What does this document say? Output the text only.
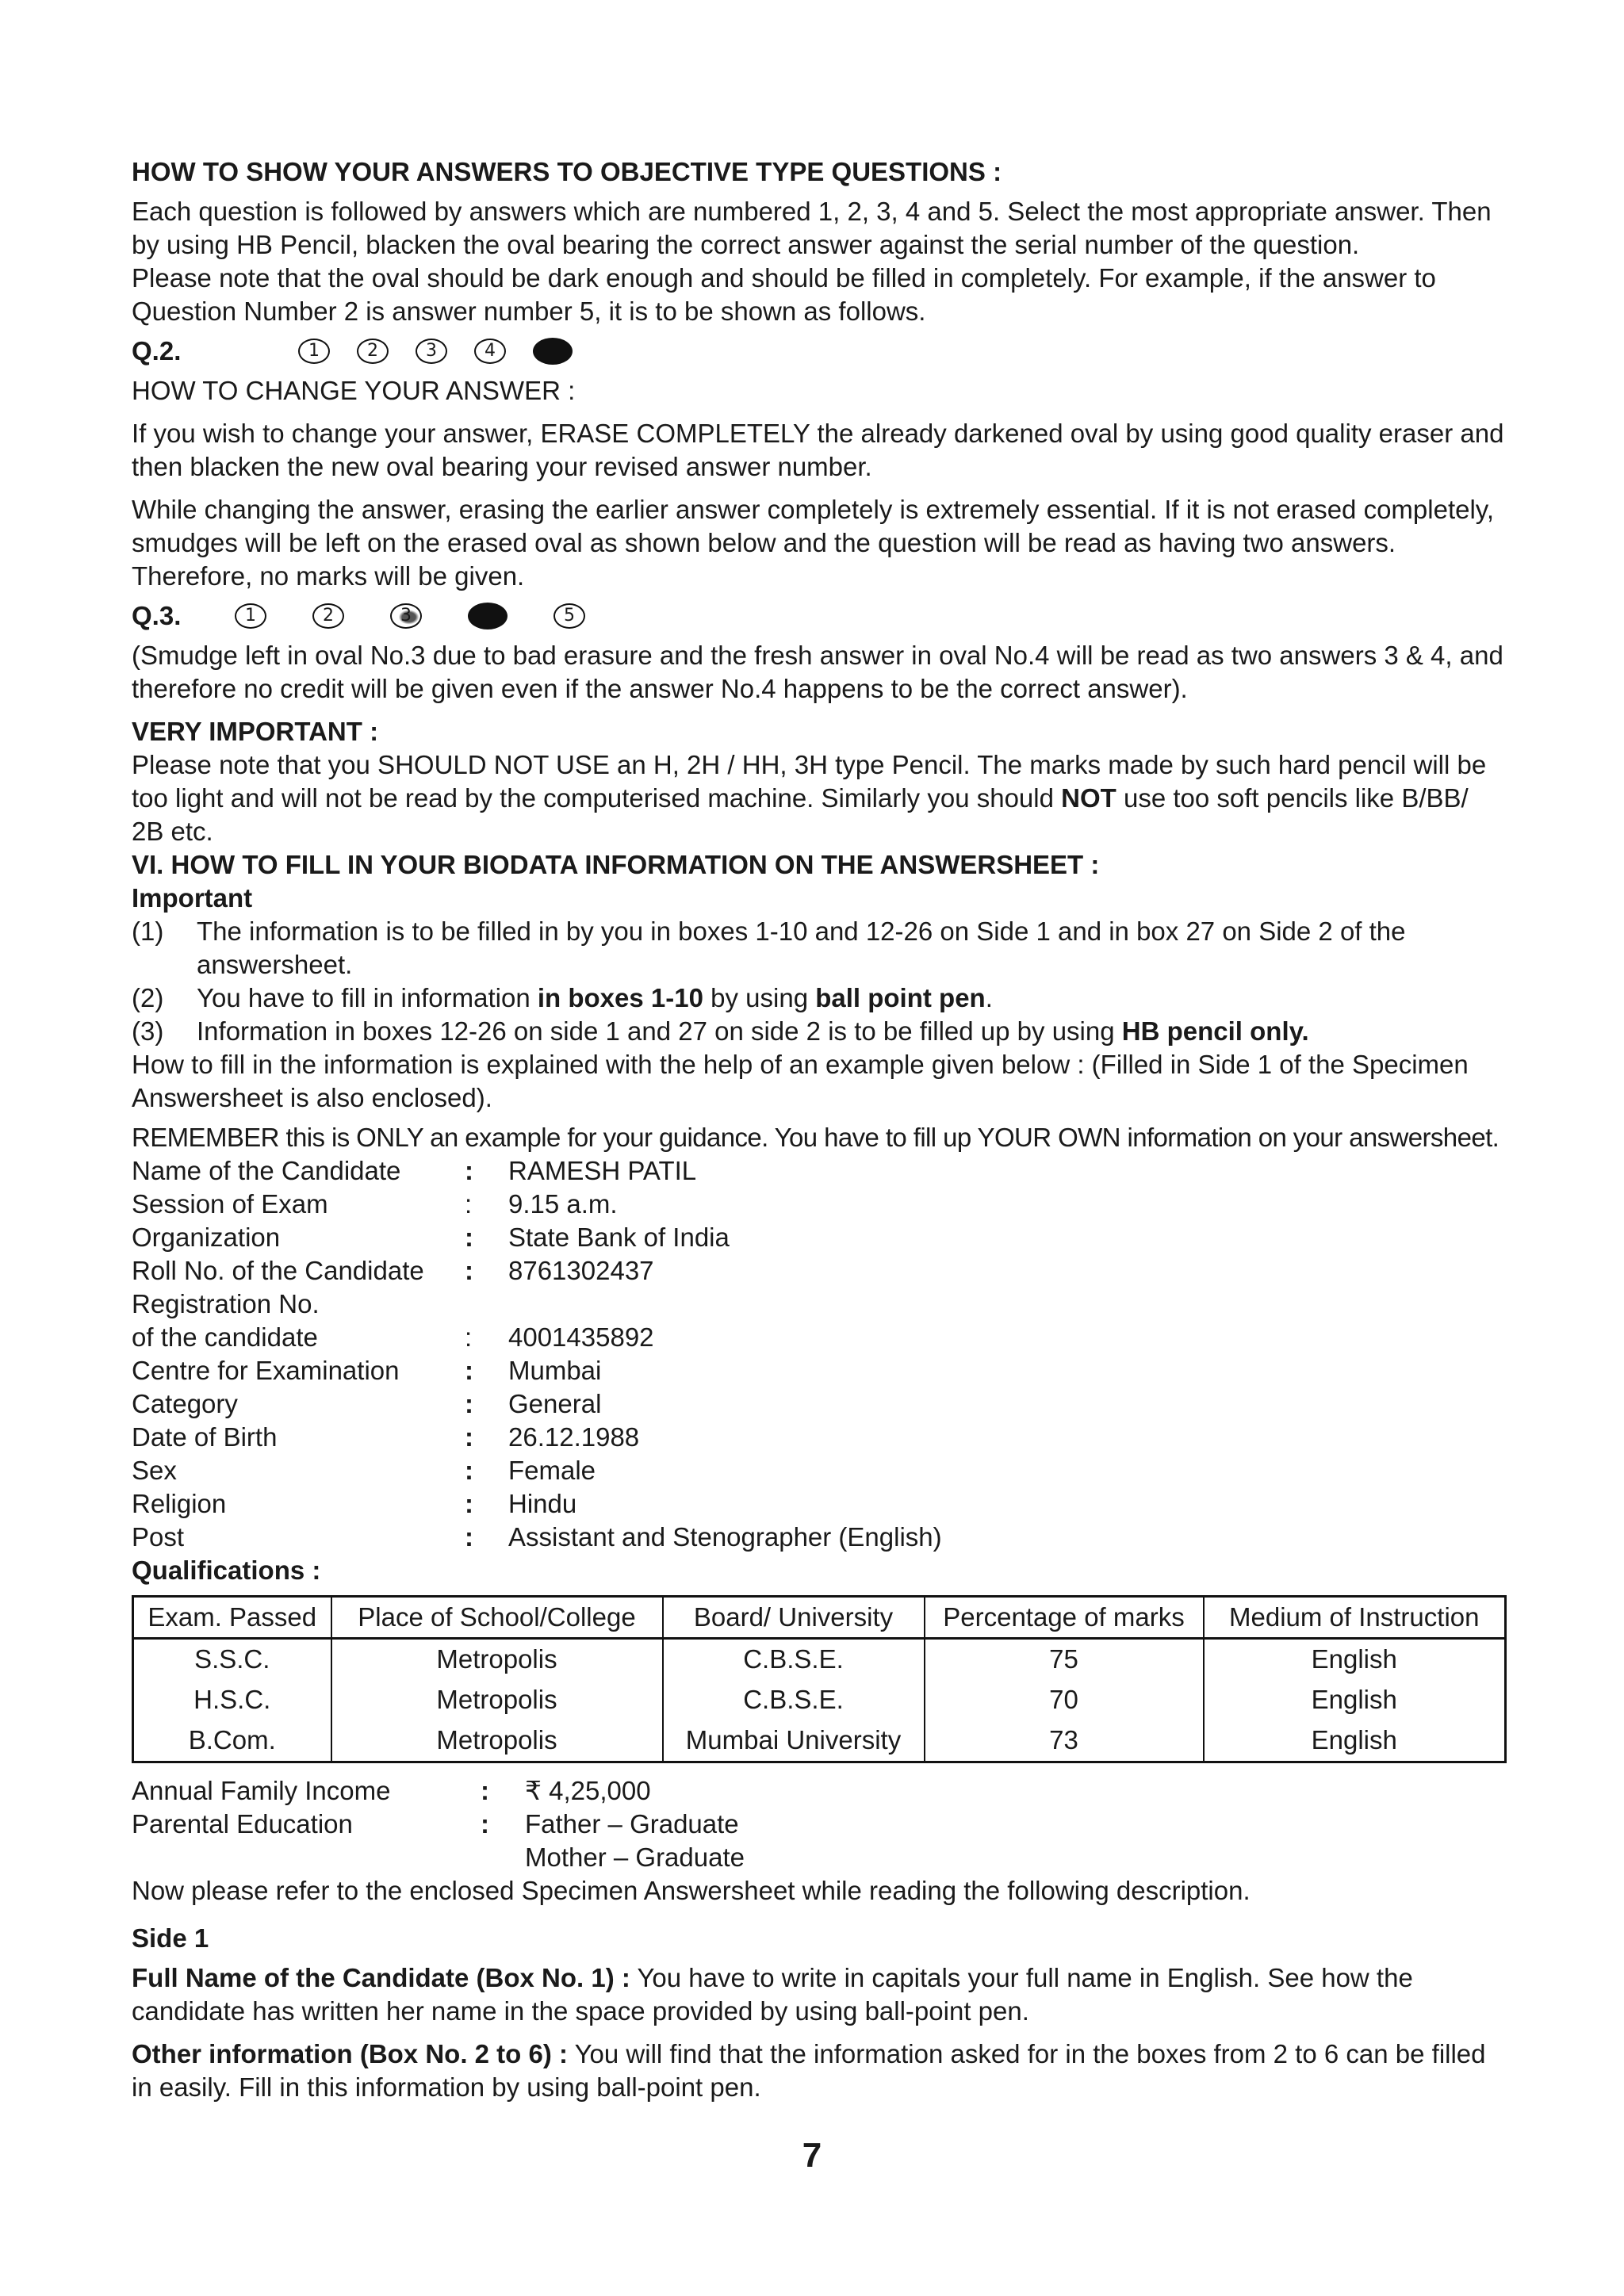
HOW TO SHOW YOUR ANSWERS TO OBJECTIVE TYPE QUESTIONS :

Each question is followed by answers which are numbered 1, 2, 3, 4 and 5. Select the most appropriate answer. Then by using HB Pencil, blacken the oval bearing the correct answer against the serial number of the question.

Please note that the oval should be dark enough and should be filled in completely. For example, if the answer to Question Number 2 is answer number 5, it is to be shown as follows.

Q.2.	1	2	3	4

HOW TO CHANGE YOUR ANSWER :

If you wish to change your answer, ERASE COMPLETELY the already darkened oval by using good quality eraser and then blacken the new oval bearing your revised answer number.

While changing the answer, erasing the earlier answer completely is extremely essential. If it is not erased completely, smudges will be left on the erased oval as shown below and the question will be read as having two answers. Therefore, no marks will be given.

Q.3.	1	2	3	5

(Smudge left in oval No.3 due to bad erasure and the fresh answer in oval No.4 will be read as two answers 3 & 4, and therefore no credit will be given even if the answer No.4 happens to be the correct answer).

VERY IMPORTANT :

Please note that you SHOULD NOT USE an H, 2H / HH, 3H type Pencil. The marks made by such hard pencil will be too light and will not be read by the computerised machine. Similarly you should NOT use too soft pencils like B/BB/ 2B etc.

VI. HOW TO FILL IN YOUR BIODATA INFORMATION ON THE ANSWERSHEET :

Important

(1)	The information is to be filled in by you in boxes 1-10 and 12-26 on Side 1 and in box 27 on Side 2 of the answersheet.
(2)	You have to fill in information in boxes 1-10 by using ball point pen.
(3)	Information in boxes 12-26 on side 1 and 27 on side 2 is to be filled up by using HB pencil only.

How to fill in the information is explained with the help of an example given below : (Filled in Side 1 of the Specimen Answersheet is also enclosed).

REMEMBER this is ONLY an example for your guidance. You have to fill up YOUR OWN information on your answersheet.

Name of the Candidate	:	RAMESH PATIL
Session of Exam	:	9.15 a.m.
Organization	:	State Bank of India
Roll No. of the Candidate	:	8761302437
Registration No.
of the candidate	:	4001435892
Centre for Examination	:	Mumbai
Category	:	General
Date of Birth	:	26.12.1988
Sex	:	Female
Religion	:	Hindu
Post	:	Assistant and Stenographer (English)

Qualifications :

Exam. Passed	Place of School/College	Board/ University	Percentage of marks	Medium of Instruction
S.S.C.	Metropolis	C.B.S.E.	75	English
H.S.C.	Metropolis	C.B.S.E.	70	English
B.Com.	Metropolis	Mumbai University	73	English
Annual Family Income	:	₹ 4,25,000
Parental Education	:	Father – Graduate
Mother – Graduate

Now please refer to the enclosed Specimen Answersheet while reading the following description.

Side 1

Full Name of the Candidate (Box No. 1) : You have to write in capitals your full name in English. See how the candidate has written her name in the space provided by using ball-point pen.

Other information (Box No. 2 to 6) : You will find that the information asked for in the boxes from 2 to 6 can be filled in easily. Fill in this information by using ball-point pen.

7
